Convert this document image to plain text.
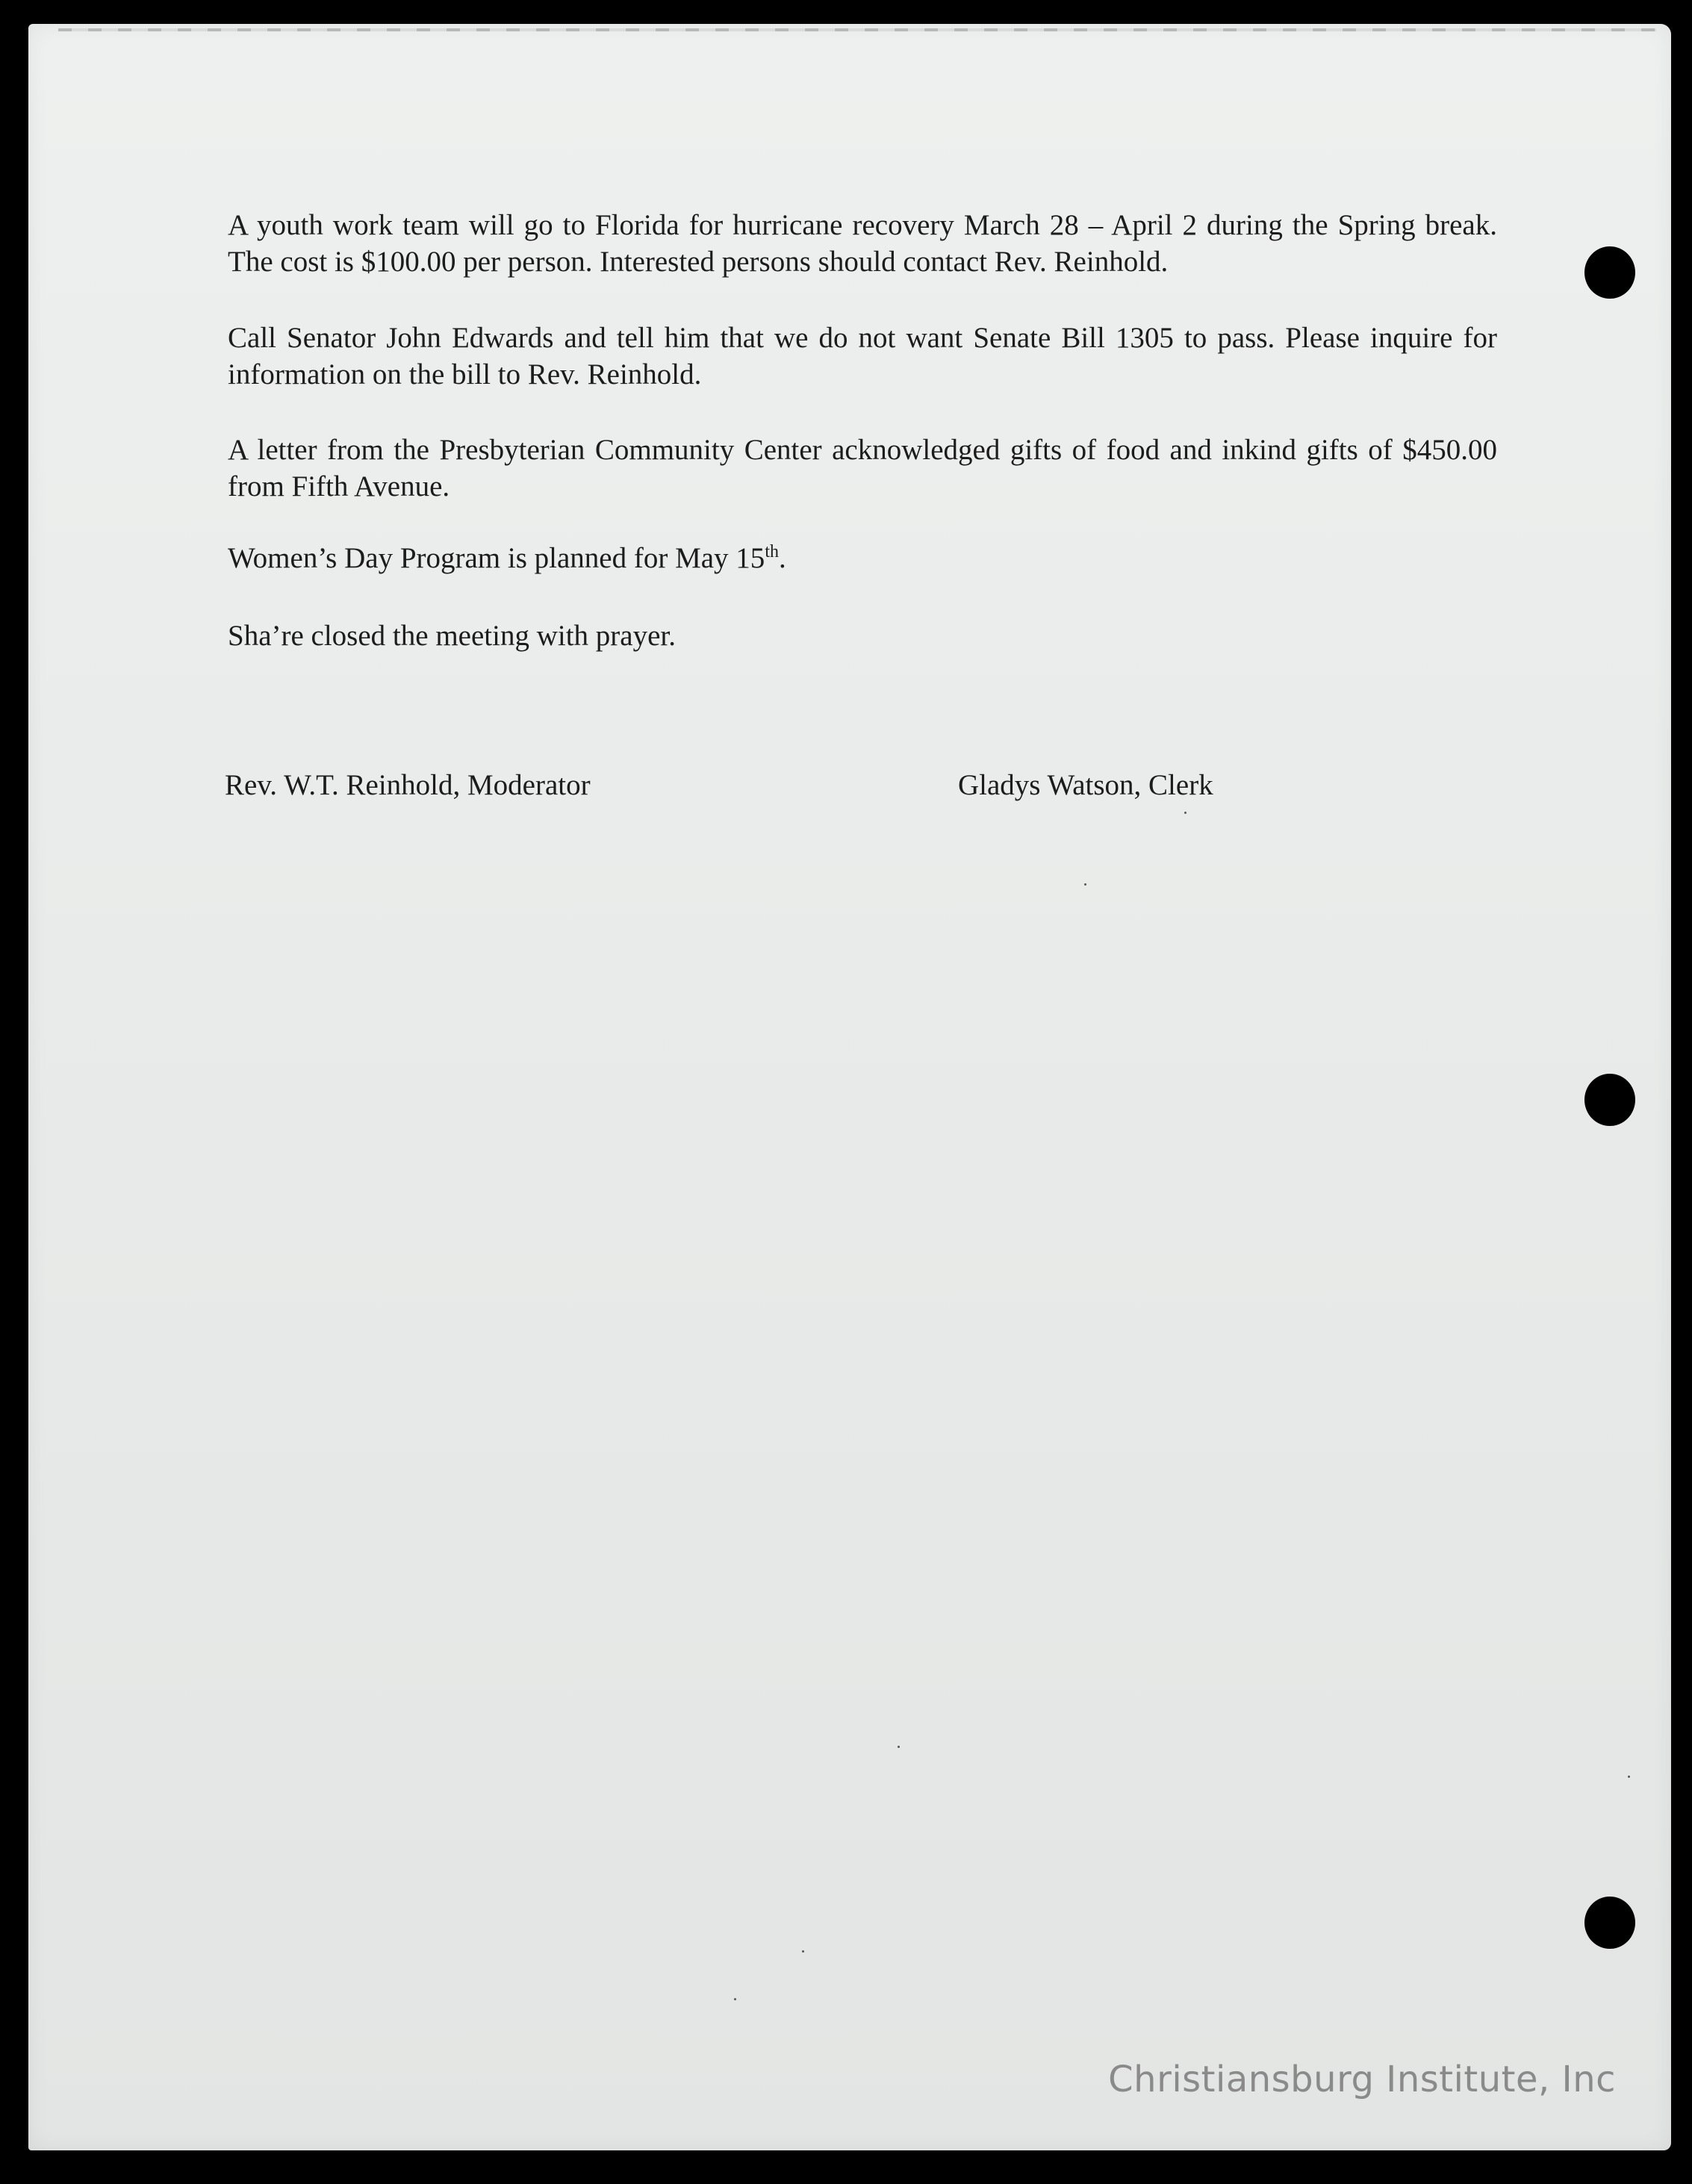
A youth work team will go to Florida for hurricane recovery March 28 – April 2 during the Spring break. The cost is $100.00 per person. Interested persons should contact Rev. Reinhold.

Call Senator John Edwards and tell him that we do not want Senate Bill 1305 to pass. Please inquire for information on the bill to Rev. Reinhold.

A letter from the Presbyterian Community Center acknowledged gifts of food and inkind gifts of $450.00 from Fifth Avenue.

Women’s Day Program is planned for May 15th.

Sha’re closed the meeting with prayer.

Rev. W.T. Reinhold, Moderator	Gladys Watson, Clerk

Christiansburg Institute, Inc
